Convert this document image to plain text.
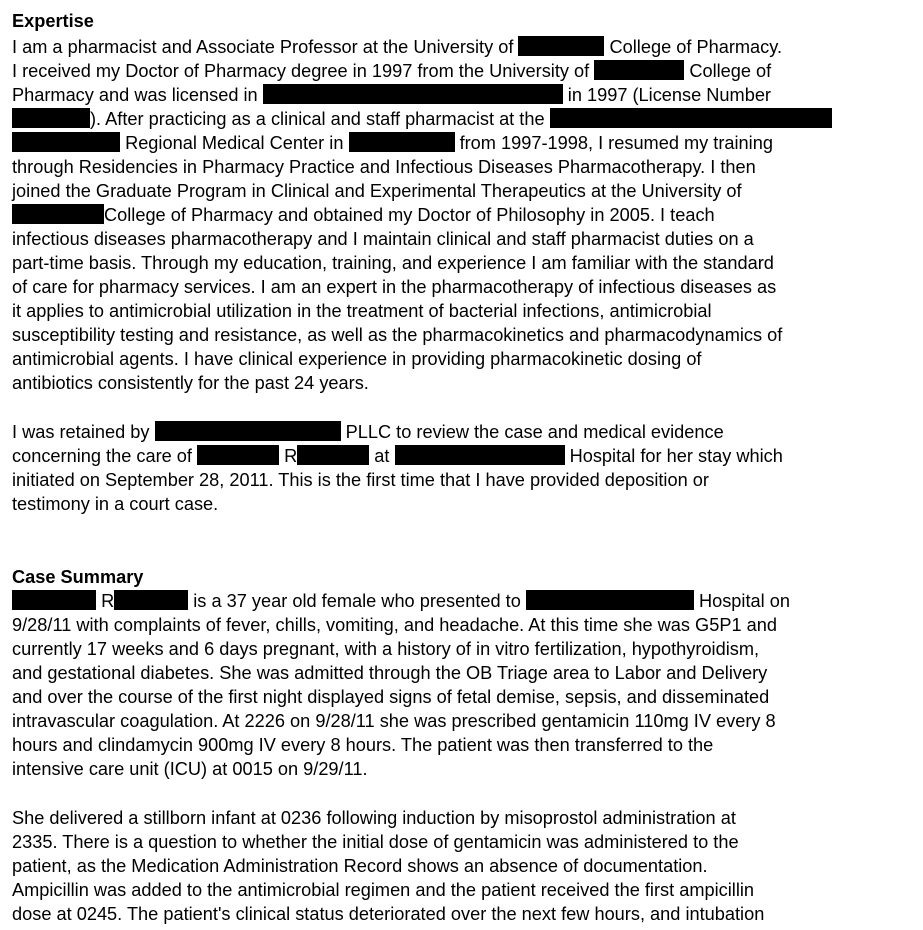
Expertise
I am a pharmacist and Associate Professor at the University of	College of Pharmacy.
I received my Doctor of Pharmacy degree in 1997 from the University of	College of
Pharmacy and was licensed in	in 1997 (License Number
). After practicing as a clinical and staff pharmacist at the
Regional Medical Center in	from 1997-1998, I resumed my training
through Residencies in Pharmacy Practice and Infectious Diseases Pharmacotherapy. I then
joined the Graduate Program in Clinical and Experimental Therapeutics at the University of
College of Pharmacy and obtained my Doctor of Philosophy in 2005. I teach
infectious diseases pharmacotherapy and I maintain clinical and staff pharmacist duties on a
part-time basis. Through my education, training, and experience I am familiar with the standard
of care for pharmacy services. I am an expert in the pharmacotherapy of infectious diseases as
it applies to antimicrobial utilization in the treatment of bacterial infections, antimicrobial
susceptibility testing and resistance, as well as the pharmacokinetics and pharmacodynamics of
antimicrobial agents. I have clinical experience in providing pharmacokinetic dosing of
antibiotics consistently for the past 24 years.
I was retained by	PLLC to review the case and medical evidence
concerning the care of	R	at	Hospital for her stay which
initiated on September 28, 2011. This is the first time that I have provided deposition or
testimony in a court case.
Case Summary
R	is a 37 year old female who presented to	Hospital on
9/28/11 with complaints of fever, chills, vomiting, and headache. At this time she was G5P1 and
currently 17 weeks and 6 days pregnant, with a history of in vitro fertilization, hypothyroidism,
and gestational diabetes. She was admitted through the OB Triage area to Labor and Delivery
and over the course of the first night displayed signs of fetal demise, sepsis, and disseminated
intravascular coagulation. At 2226 on 9/28/11 she was prescribed gentamicin 110mg IV every 8
hours and clindamycin 900mg IV every 8 hours. The patient was then transferred to the
intensive care unit (ICU) at 0015 on 9/29/11.
She delivered a stillborn infant at 0236 following induction by misoprostol administration at
2335. There is a question to whether the initial dose of gentamicin was administered to the
patient, as the Medication Administration Record shows an absence of documentation.
Ampicillin was added to the antimicrobial regimen and the patient received the first ampicillin
dose at 0245. The patient's clinical status deteriorated over the next few hours, and intubation
